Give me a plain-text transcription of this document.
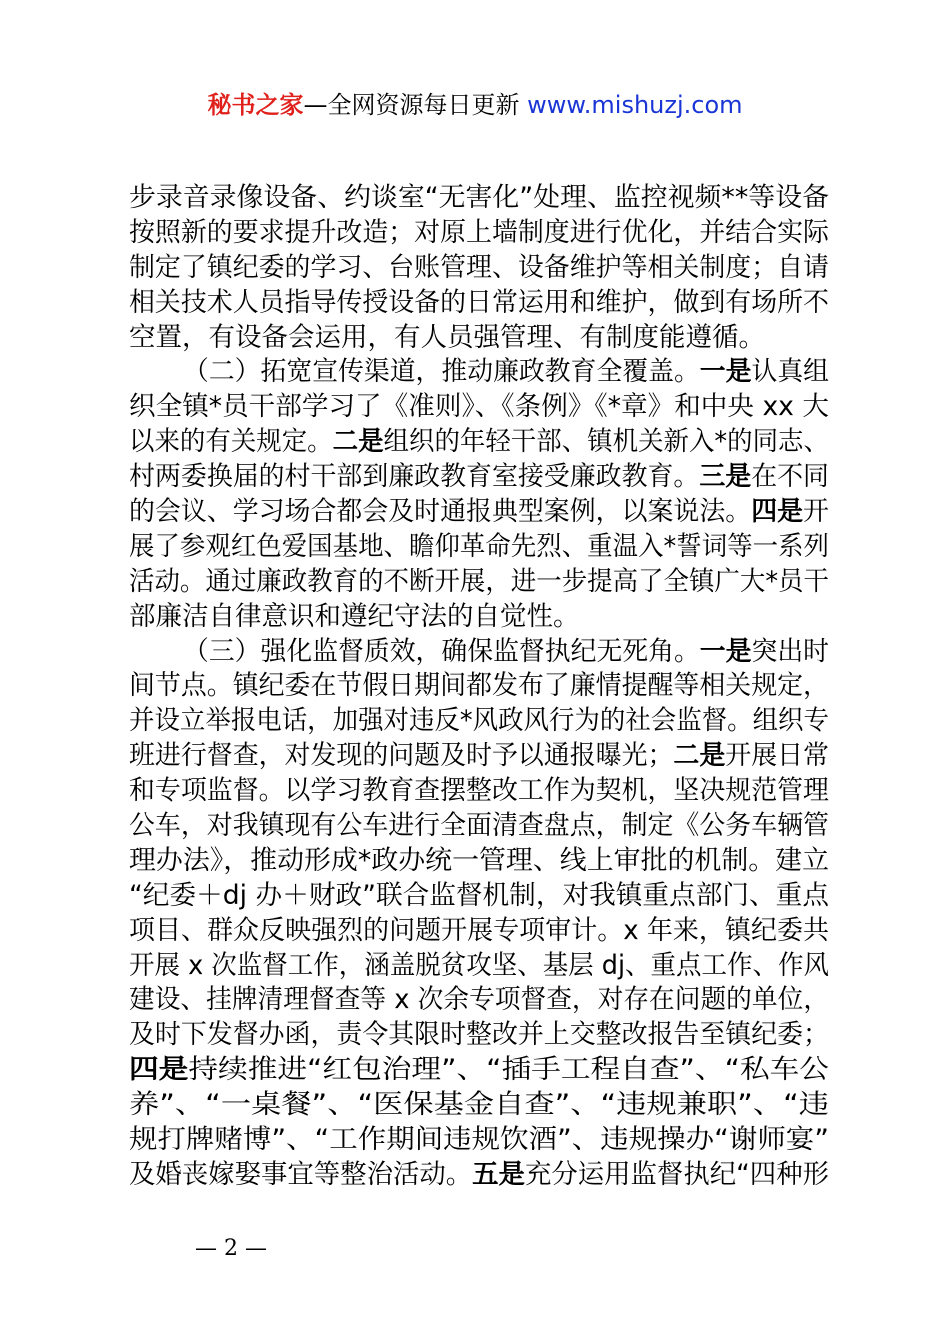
秘书之家—全网资源每日更新 www.mishuzj.com
步录音录像设备、约谈室“无害化”处理、监控视频**等设备
按照新的要求提升改造；对原上墙制度进行优化，并结合实际
制定了镇纪委的学习、台账管理、设备维护等相关制度；自请
相关技术人员指导传授设备的日常运用和维护，做到有场所不
空置，有设备会运用，有人员强管理、有制度能遵循。
（二）拓宽宣传渠道，推动廉政教育全覆盖。一是认真组
织全镇*员干部学习了《准则》、《条例》《*章》和中央 xx 大
以来的有关规定。二是组织的年轻干部、镇机关新入*的同志、
村两委换届的村干部到廉政教育室接受廉政教育。三是在不同
的会议、学习场合都会及时通报典型案例，以案说法。四是开
展了参观红色爱国基地、瞻仰革命先烈、重温入*誓词等一系列
活动。通过廉政教育的不断开展，进一步提高了全镇广大*员干
部廉洁自律意识和遵纪守法的自觉性。
（三）强化监督质效，确保监督执纪无死角。一是突出时
间节点。镇纪委在节假日期间都发布了廉情提醒等相关规定，
并设立举报电话，加强对违反*风政风行为的社会监督。组织专
班进行督查，对发现的问题及时予以通报曝光；二是开展日常
和专项监督。以学习教育查摆整改工作为契机，坚决规范管理
公车，对我镇现有公车进行全面清查盘点，制定《公务车辆管
理办法》，推动形成*政办统一管理、线上审批的机制。建立
“纪委＋dj 办＋财政”联合监督机制，对我镇重点部门、重点
项目、群众反映强烈的问题开展专项审计。x 年来，镇纪委共
开展 x 次监督工作，涵盖脱贫攻坚、基层 dj、重点工作、作风
建设、挂牌清理督查等 x 次余专项督查，对存在问题的单位，
及时下发督办函，责令其限时整改并上交整改报告至镇纪委；
四是持续推进“红包治理”、“插手工程自查”、“私车公
养”、“一桌餐”、“医保基金自查”、“违规兼职”、“违
规打牌赌博”、“工作期间违规饮酒”、违规操办“谢师宴”
及婚丧嫁娶事宜等整治活动。五是充分运用监督执纪“四种形
— 2 —
